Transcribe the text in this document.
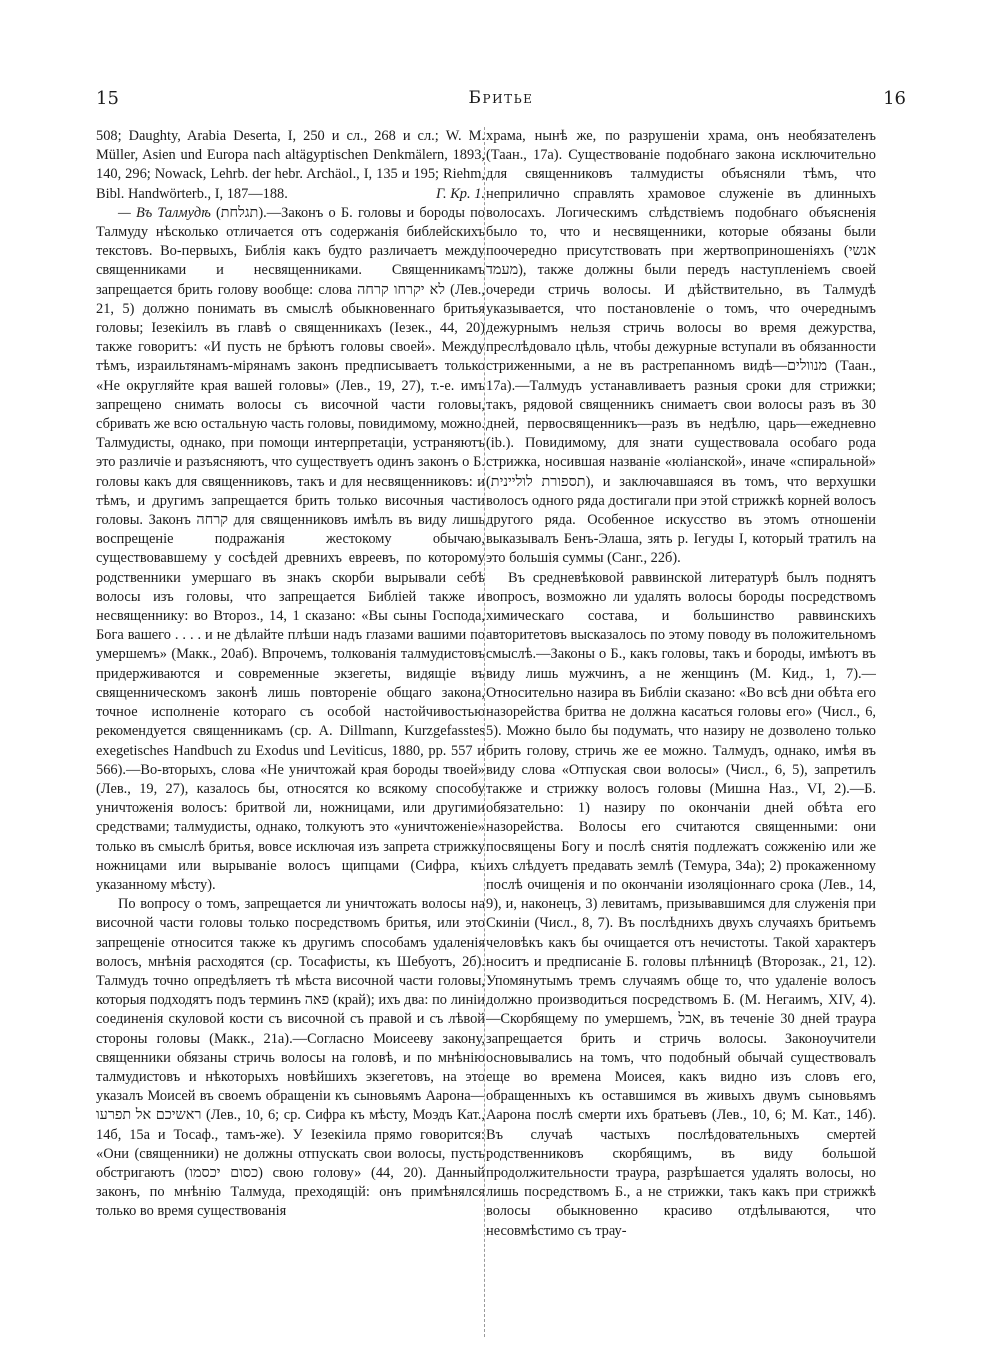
15	Бритье	16

508; Daughty, Arabia Deserta, I, 250 и сл., 268 и сл.; W. M. Müller, Asien und Europa nach altägyptischen Denkmälern, 1893, 140, 296; Nowack, Lehrb. der hebr. Archäol., I, 135 и 195; Riehm, Bibl. Handwörterb., I, 187—188.	Г. Кр. 1.

— Въ Талмудѣ (תגלחת).—Законъ о Б. головы и бороды по Талмуду нѣсколько отличается отъ содержанія библейскихъ текстовъ. Во-первыхъ, Библія какъ будто различаетъ между священниками и несвященниками. Священникамъ запрещается брить голову вообще: слова לא יקרחו קרחה (Лев., 21, 5) должно понимать въ смыслѣ обыкновеннаго бритья головы; Iезекіилъ въ главѣ о священникахъ (Iезек., 44, 20) также говоритъ: «И пусть не брѣютъ головы своей». Между тѣмъ, израильтянамъ-мірянамъ законъ предписываетъ только «Не округляйте края вашей головы» (Лев., 19, 27), т.-е. имъ запрещено снимать волосы съ височной части головы, сбривать же всю остальную часть головы, повидимому, можно. Талмудисты, однако, при помощи интерпретаціи, устраняютъ это различіе и разъясняютъ, что существуетъ одинъ законъ о Б. головы какъ для священниковъ, такъ и для несвященниковъ: и тѣмъ, и другимъ запрещается брить только височныя части головы. Законъ קרחה для священниковъ имѣлъ въ виду лишь воспрещеніе подражанія жестокому обычаю, существовавшему у сосѣдей древнихъ евреевъ, по которому родственники умершаго въ знакъ скорби вырывали себѣ волосы изъ головы, что запрещается Библіей также и несвященнику: во Второз., 14, 1 сказано: «Вы сыны Господа, Бога вашего . . . . и не дѣлайте плѣши надъ глазами вашими по умершемъ» (Макк., 20аб). Впрочемъ, толкованія талмудистовъ придерживаются и современные экзегеты, видящіе въ священническомъ законѣ лишь повтореніе общаго закона, точное исполненіе котораго съ особой настойчивостью рекомендуется священникамъ (ср. A. Dillmann, Kurzgefasstes exegetisches Handbuch zu Exodus und Leviticus, 1880, pp. 557 и 566).—Во-вторыхъ, слова «Не уничтожай края бороды твоей» (Лев., 19, 27), казалось бы, относятся ко всякому способу уничтоженія волосъ: бритвой ли, ножницами, или другими средствами; талмудисты, однако, толкуютъ это «уничтоженіе» только въ смыслѣ бритья, вовсе исключая изъ запрета стрижку ножницами или вырываніе волосъ щипцами (Сифра, къ указанному мѣсту).

По вопросу о томъ, запрещается ли уничтожать волосы на височной части головы только посредствомъ бритья, или это запрещеніе относится также къ другимъ способамъ удаленія волосъ, мнѣнія расходятся (ср. Тосафисты, къ Шебуотъ, 2б). Талмудъ точно опредѣляетъ тѣ мѣста височной части головы, которыя подходятъ подъ терминъ פאה (край); ихъ два: по линіи соединенія скуловой кости съ височной съ правой и съ лѣвой стороны головы (Макк., 21а).—Согласно Моисееву закону, священники обязаны стричь волосы на головѣ, и по мнѣнію талмудистовъ и нѣкоторыхъ новѣйшихъ экзегетовъ, на это указалъ Моисей въ своемъ обращеніи къ сыновьямъ Аарона—ראשיכם אל תפרעו (Лев., 10, 6; ср. Сифра къ мѣсту, Моэдъ Кат., 14б, 15а и Тосаф., тамъ-же). У Iезекіила прямо говорится: «Они (священники) не должны отпускать свои волосы, пусть обстригаютъ (כסום יכסמו) свою голову» (44, 20). Данный законъ, по мнѣнію Талмуда, преходящій: онъ примѣнялся только во время существованія

храма, нынѣ же, по разрушеніи храма, онъ необязателенъ (Таан., 17а). Существованіе подобнаго закона исключительно для священниковъ талмудисты объясняли тѣмъ, что неприлично справлять храмовое служеніе въ длинныхъ волосахъ. Логическимъ слѣдствіемъ подобнаго объясненія было то, что и несвященники, которые обязаны были поочередно присутствовать при жертвоприношеніяхъ (אנשי מעמד), также должны были передъ наступленіемъ своей очереди стричь волосы. И дѣйствительно, въ Талмудѣ указывается, что постановленіе о томъ, что очереднымъ дежурнымъ нельзя стричь волосы во время дежурства, преслѣдовало цѣль, чтобы дежурные вступали въ обязанности стриженными, а не въ растрепанномъ видѣ—מנוולים (Таан., 17а).—Талмудъ устанавливаетъ разныя сроки для стрижки; такъ, рядовой священникъ снимаетъ свои волосы разъ въ 30 дней, первосвященникъ—разъ въ недѣлю, царь—ежедневно (ib.). Повидимому, для знати существовала особаго рода стрижка, носившая названіе «юліанской», иначе «спиральной» (תספורת לוליינית), и заключавшаяся въ томъ, что верхушки волосъ одного ряда достигали при этой стрижкѣ корней волосъ другого ряда. Особенное искусство въ этомъ отношеніи выказывалъ Бенъ-Элаша, зять р. Iегуды I, который тратилъ на это большія суммы (Санг., 22б).

Въ средневѣковой раввинской литературѣ былъ поднятъ вопросъ, возможно ли удалять волосы бороды посредствомъ химическаго состава, и большинство раввинскихъ авторитетовъ высказалось по этому поводу въ положительномъ смыслѣ.—Законы о Б., какъ головы, такъ и бороды, имѣютъ въ виду лишь мужчинъ, а не женщинъ (М. Кид., 1, 7).—Относительно назира въ Библіи сказано: «Во всѣ дни обѣта его назорейства бритва не должна касаться головы его» (Числ., 6, 5). Можно было бы подумать, что назиру не дозволено только брить голову, стричь же ее можно. Талмудъ, однако, имѣя въ виду слова «Отпуская свои волосы» (Числ., 6, 5), запретилъ также и стрижку волосъ головы (Мишна Наз., VI, 2).—Б. обязательно: 1) назиру по окончаніи дней обѣта его назорейства. Волосы его считаются священными: они посвящены Богу и послѣ снятія подлежатъ сожженію или же ихъ слѣдуетъ предавать землѣ (Темура, 34а); 2) прокаженному послѣ очищенія и по окончаніи изоляціоннаго срока (Лев., 14, 9), и, наконецъ, 3) левитамъ, призывавшимся для служенія при Скиніи (Числ., 8, 7). Въ послѣднихъ двухъ случаяхъ бритьемъ человѣкъ какъ бы очищается отъ нечистоты. Такой характеръ носитъ и предписаніе Б. головы плѣнницѣ (Второзак., 21, 12). Упомянутымъ тремъ случаямъ обще то, что удаленіе волосъ должно производиться посредствомъ Б. (М. Негаимъ, XIV, 4).—Скорбящему по умершемъ, אבל, въ теченіе 30 дней траура запрещается брить и стричь волосы. Законоучители основывались на томъ, что подобный обычай существовалъ еще во времена Моисея, какъ видно изъ словъ его, обращенныхъ къ оставшимся въ живыхъ двумъ сыновьямъ Аарона послѣ смерти ихъ братьевъ (Лев., 10, 6; М. Кат., 14б). Въ случаѣ частыхъ послѣдовательныхъ смертей родственниковъ скорбящимъ, въ виду большой продолжительности траура, разрѣшается удалять волосы, но лишь посредствомъ Б., а не стрижки, такъ какъ при стрижкѣ волосы обыкновенно красиво отдѣлываются, что несовмѣстимо съ трау-
